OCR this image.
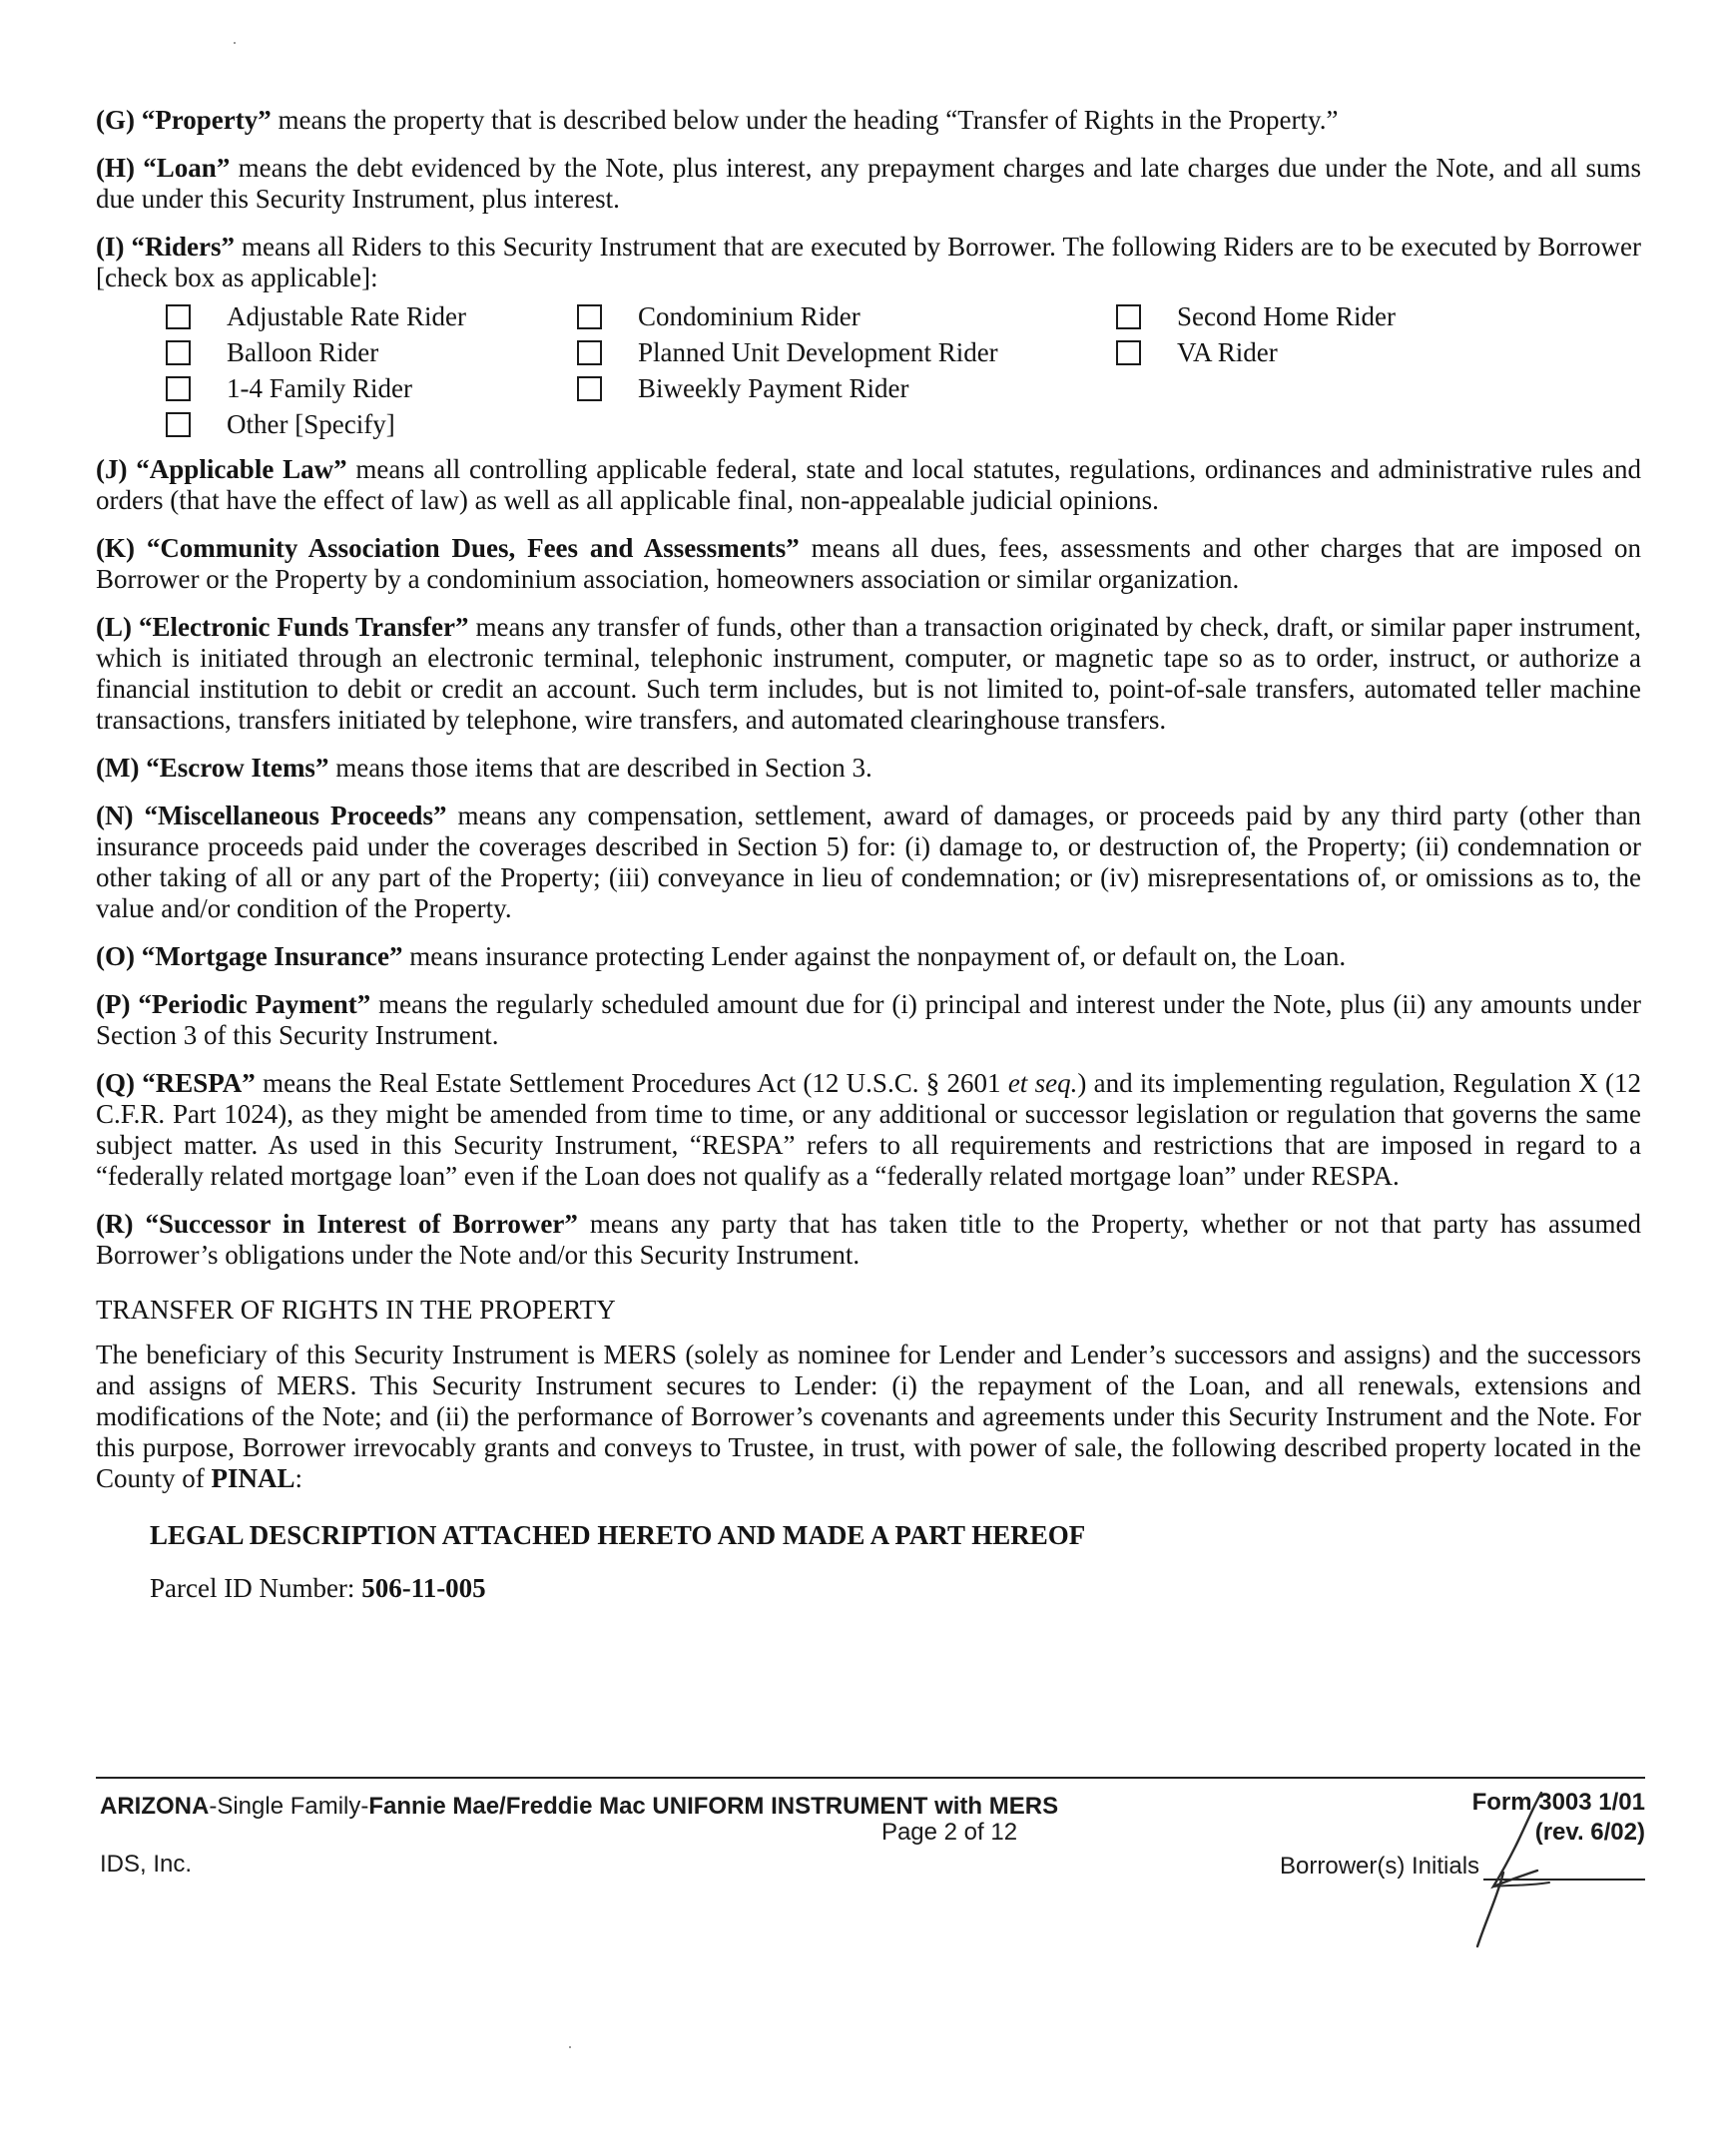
(G) “Property” means the property that is described below under the heading “Transfer of Rights in the Property.”

(H) “Loan” means the debt evidenced by the Note, plus interest, any prepayment charges and late charges due under the Note, and all sums due under this Security Instrument, plus interest.

(I) “Riders” means all Riders to this Security Instrument that are executed by Borrower. The following Riders are to be executed by Borrower [check box as applicable]:

Adjustable Rate Rider	Condominium Rider	Second Home Rider
Balloon Rider	Planned Unit Development Rider	VA Rider
1-4 Family Rider	Biweekly Payment Rider
Other [Specify]

(J) “Applicable Law” means all controlling applicable federal, state and local statutes, regulations, ordinances and administrative rules and orders (that have the effect of law) as well as all applicable final, non-appealable judicial opinions.

(K) “Community Association Dues, Fees and Assessments” means all dues, fees, assessments and other charges that are imposed on Borrower or the Property by a condominium association, homeowners association or similar organization.

(L) “Electronic Funds Transfer” means any transfer of funds, other than a transaction originated by check, draft, or similar paper instrument, which is initiated through an electronic terminal, telephonic instrument, computer, or magnetic tape so as to order, instruct, or authorize a financial institution to debit or credit an account. Such term includes, but is not limited to, point-of-sale transfers, automated teller machine transactions, transfers initiated by telephone, wire transfers, and automated clearinghouse transfers.

(M) “Escrow Items” means those items that are described in Section 3.

(N) “Miscellaneous Proceeds” means any compensation, settlement, award of damages, or proceeds paid by any third party (other than insurance proceeds paid under the coverages described in Section 5) for: (i) damage to, or destruction of, the Property; (ii) condemnation or other taking of all or any part of the Property; (iii) conveyance in lieu of condemnation; or (iv) misrepresentations of, or omissions as to, the value and/or condition of the Property.

(O) “Mortgage Insurance” means insurance protecting Lender against the nonpayment of, or default on, the Loan.

(P) “Periodic Payment” means the regularly scheduled amount due for (i) principal and interest under the Note, plus (ii) any amounts under Section 3 of this Security Instrument.

(Q) “RESPA” means the Real Estate Settlement Procedures Act (12 U.S.C. § 2601 et seq.) and its implementing regulation, Regulation X (12 C.F.R. Part 1024), as they might be amended from time to time, or any additional or successor legislation or regulation that governs the same subject matter. As used in this Security Instrument, “RESPA” refers to all requirements and restrictions that are imposed in regard to a “federally related mortgage loan” even if the Loan does not qualify as a “federally related mortgage loan” under RESPA.

(R) “Successor in Interest of Borrower” means any party that has taken title to the Property, whether or not that party has assumed Borrower’s obligations under the Note and/or this Security Instrument.

TRANSFER OF RIGHTS IN THE PROPERTY

The beneficiary of this Security Instrument is MERS (solely as nominee for Lender and Lender’s successors and assigns) and the successors and assigns of MERS. This Security Instrument secures to Lender: (i) the repayment of the Loan, and all renewals, extensions and modifications of the Note; and (ii) the performance of Borrower’s covenants and agreements under this Security Instrument and the Note. For this purpose, Borrower irrevocably grants and conveys to Trustee, in trust, with power of sale, the following described property located in the County of PINAL:

LEGAL DESCRIPTION ATTACHED HERETO AND MADE A PART HEREOF

Parcel ID Number: 506-11-005

ARIZONA-Single Family-Fannie Mae/Freddie Mac UNIFORM INSTRUMENT with MERS
Page 2 of 12
Form 3003 1/01
(rev. 6/02)
IDS, Inc.	Borrower(s) Initials
